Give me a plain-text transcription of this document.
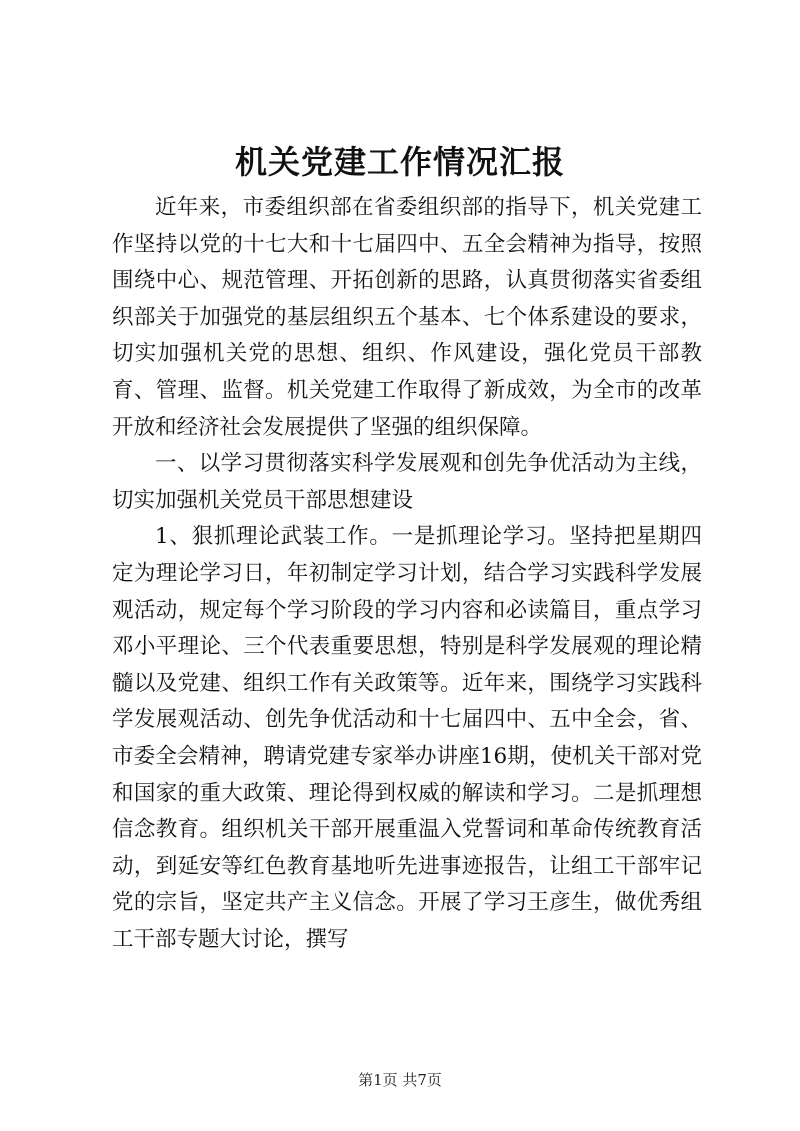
机关党建工作情况汇报

近年来，市委组织部在省委组织部的指导下，机关党建工作坚持以党的十七大和十七届四中、五全会精神为指导，按照围绕中心、规范管理、开拓创新的思路，认真贯彻落实省委组织部关于加强党的基层组织五个基本、七个体系建设的要求，切实加强机关党的思想、组织、作风建设，强化党员干部教育、管理、监督。机关党建工作取得了新成效，为全市的改革开放和经济社会发展提供了坚强的组织保障。

一、以学习贯彻落实科学发展观和创先争优活动为主线，切实加强机关党员干部思想建设

1、狠抓理论武装工作。一是抓理论学习。坚持把星期四定为理论学习日，年初制定学习计划，结合学习实践科学发展观活动，规定每个学习阶段的学习内容和必读篇目，重点学习邓小平理论、三个代表重要思想，特别是科学发展观的理论精髓以及党建、组织工作有关政策等。近年来，围绕学习实践科学发展观活动、创先争优活动和十七届四中、五中全会，省、市委全会精神，聘请党建专家举办讲座16期，使机关干部对党和国家的重大政策、理论得到权威的解读和学习。二是抓理想信念教育。组织机关干部开展重温入党誓词和革命传统教育活动，到延安等红色教育基地听先进事迹报告，让组工干部牢记党的宗旨，坚定共产主义信念。开展了学习王彦生，做优秀组工干部专题大讨论，撰写

第1页 共7页
